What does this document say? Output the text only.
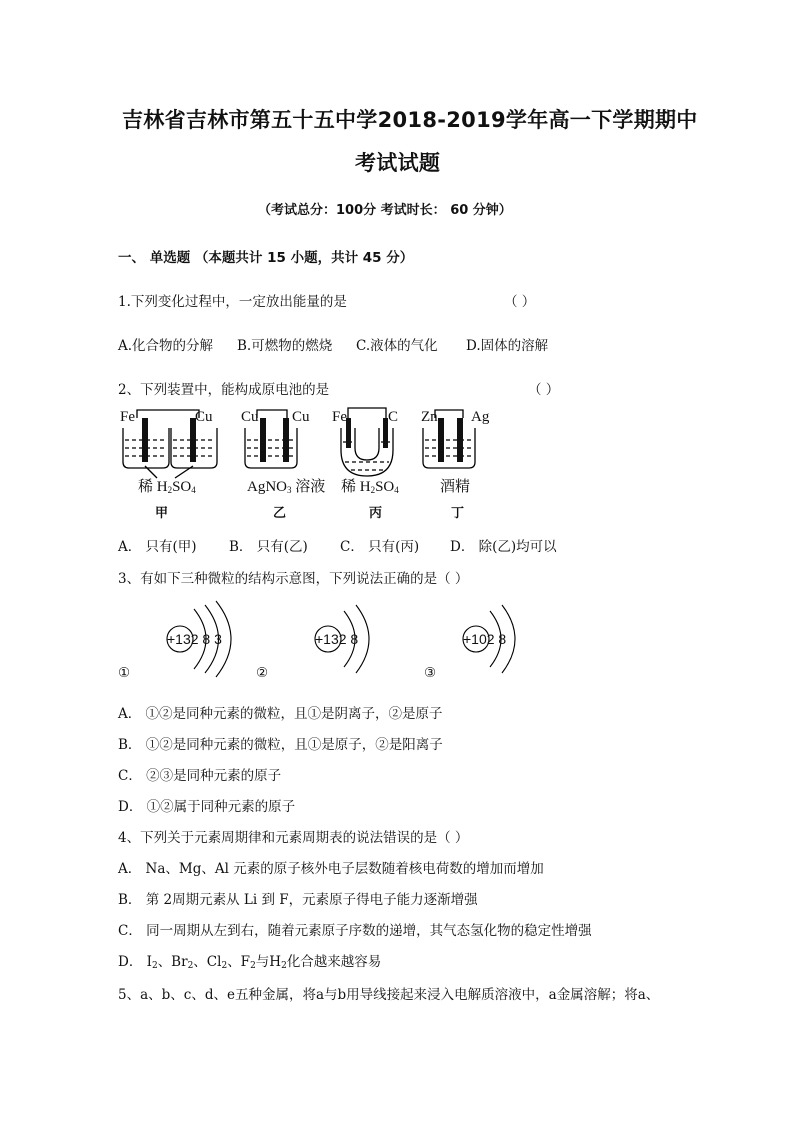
吉林省吉林市第五十五中学2018-2019学年高一下学期期中
考试试题
（考试总分：100分 考试时长： 60 分钟）
一、 单选题 （本题共计 15 小题，共计 45 分）
1.下列变化过程中，一定放出能量的是	（ ）
A.化合物的分解 B.可燃物的燃烧 C.液体的气化 D.固体的溶解
2、下列装置中，能构成原电池的是	（ ）
Fe	Cu Cu Cu Fe	C Zn Ag
稀 $H_2SO_4$	AgNO$_3$ 溶液 稀 $H_2SO_4$	酒精
甲	乙	丙	丁
A． 只有(甲) B． 只有(乙) C． 只有(丙) D． 除(乙)均可以
3、有如下三种微粒的结构示意图，下列说法正确的是（ ）
+132 8 3	+132 8	+102 8
①	②	③
A． ①②是同种元素的微粒，且①是阴离子，②是原子
B． ①②是同种元素的微粒，且①是原子，②是阳离子
C． ②③是同种元素的原子
D． ①②属于同种元素的原子
4、下列关于元素周期律和元素周期表的说法错误的是（ ）
A． Na、Mg、Al 元素的原子核外电子层数随着核电荷数的增加而增加
B． 第 2周期元素从 Li 到 F，元素原子得电子能力逐渐增强
C． 同一周期从左到右，随着元素原子序数的递增，其气态氢化物的稳定性增强
D． $I_2$、$Br_2$、$Cl_2$、$F_2$与$H_2$化合越来越容易
5、a、b、c、d、e五种金属，将a与b用导线接起来浸入电解质溶液中，a金属溶解；将a、
